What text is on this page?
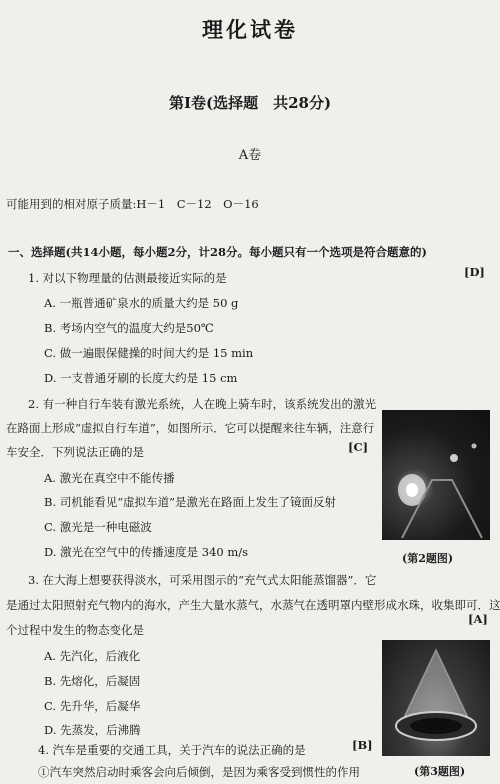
理化试卷
第Ⅰ卷(选择题　共28分)
A卷
可能用到的相对原子质量:H－1　C－12　O－16
一、选择题(共14小题，每小题2分，计28分。每小题只有一个选项是符合题意的)
1. 对以下物理量的估测最接近实际的是	[D]
A. 一瓶普通矿泉水的质量大约是 50 g
B. 考场内空气的温度大约是50℃
C. 做一遍眼保健操的时间大约是 15 min
D. 一支普通牙刷的长度大约是 15 cm
2. 有一种自行车装有激光系统，人在晚上骑车时，该系统发出的激光
在路面上形成“虚拟自行车道”，如图所示．它可以提醒来往车辆，注意行
车安全．下列说法正确的是	[C]
A. 激光在真空中不能传播
B. 司机能看见“虚拟车道”是激光在路面上发生了镜面反射
C. 激光是一种电磁波
D. 激光在空气中的传播速度是 340 m/s	(第2题图)
3. 在大海上想要获得淡水，可采用图示的“充气式太阳能蒸馏器”．它
是通过太阳照射充气物内的海水，产生大量水蒸气，水蒸气在透明罩内壁形成水珠，收集即可．这
个过程中发生的物态变化是
[A]
A. 先汽化，后液化
B. 先熔化，后凝固
C. 先升华，后凝华
D. 先蒸发，后沸腾
(第3题图)
4. 汽车是重要的交通工具，关于汽车的说法正确的是	[B]
①汽车突然启动时乘客会向后倾倒，是因为乘客受到惯性的作用
